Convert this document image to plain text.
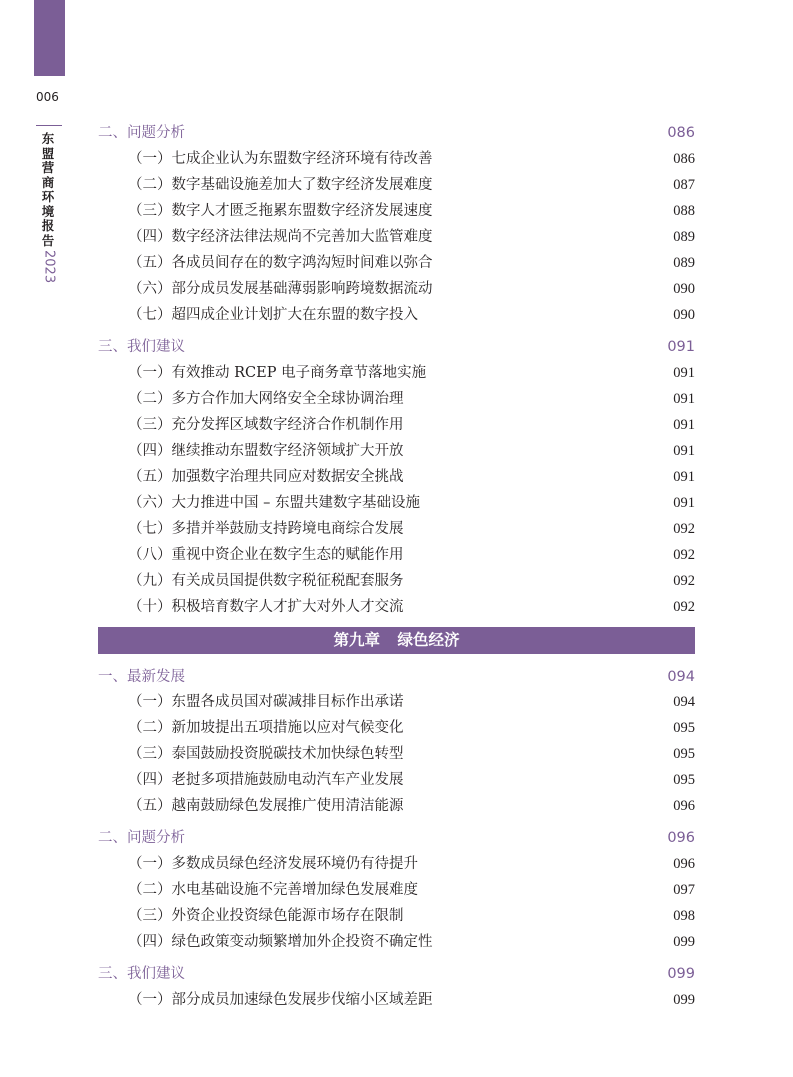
006
东
盟
营
商
环
境
报
告
2023
第九章 绿色经济
二、问题分析	086
（一）七成企业认为东盟数字经济环境有待改善	086
（二）数字基础设施差加大了数字经济发展难度	087
（三）数字人才匮乏拖累东盟数字经济发展速度	088
（四）数字经济法律法规尚不完善加大监管难度	089
（五）各成员间存在的数字鸿沟短时间难以弥合	089
（六）部分成员发展基础薄弱影响跨境数据流动	090
（七）超四成企业计划扩大在东盟的数字投入	090
三、我们建议	091
（一）有效推动 RCEP 电子商务章节落地实施	091
（二）多方合作加大网络安全全球协调治理	091
（三）充分发挥区域数字经济合作机制作用	091
（四）继续推动东盟数字经济领域扩大开放	091
（五）加强数字治理共同应对数据安全挑战	091
（六）大力推进中国 – 东盟共建数字基础设施	091
（七）多措并举鼓励支持跨境电商综合发展	092
（八）重视中资企业在数字生态的赋能作用	092
（九）有关成员国提供数字税征税配套服务	092
（十）积极培育数字人才扩大对外人才交流	092
一、最新发展	094
（一）东盟各成员国对碳减排目标作出承诺	094
（二）新加坡提出五项措施以应对气候变化	095
（三）泰国鼓励投资脱碳技术加快绿色转型	095
（四）老挝多项措施鼓励电动汽车产业发展	095
（五）越南鼓励绿色发展推广使用清洁能源	096
二、问题分析	096
（一）多数成员绿色经济发展环境仍有待提升	096
（二）水电基础设施不完善增加绿色发展难度	097
（三）外资企业投资绿色能源市场存在限制	098
（四）绿色政策变动频繁增加外企投资不确定性	099
三、我们建议	099
（一）部分成员加速绿色发展步伐缩小区域差距	099
